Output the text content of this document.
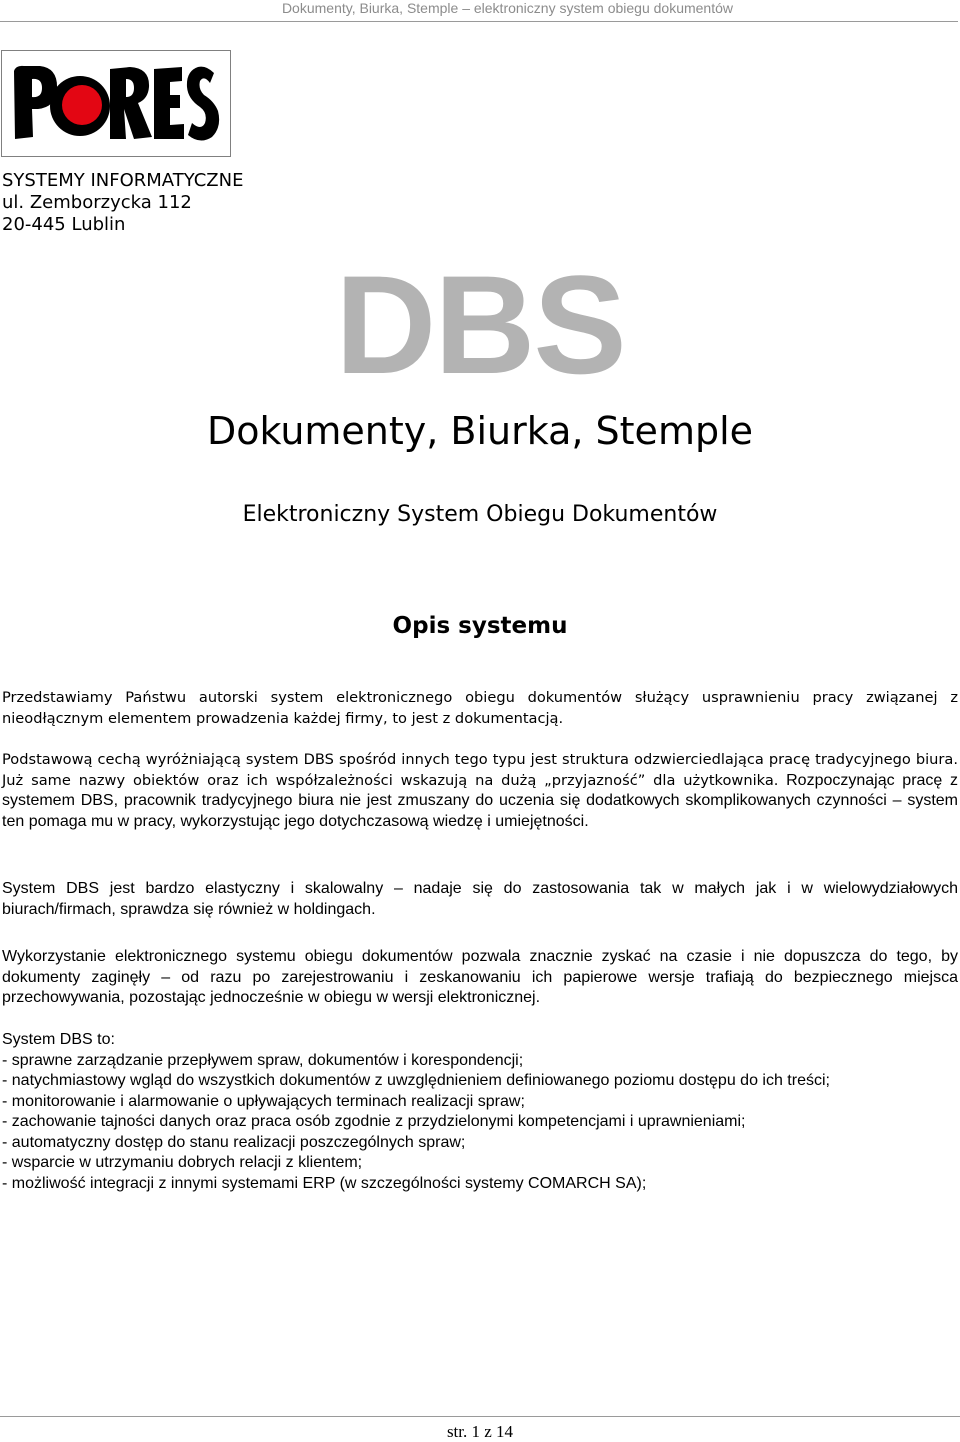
Dokumenty, Biurka, Stemple – elektroniczny system obiegu dokumentów
SYSTEMY INFORMATYCZNE
ul. Zemborzycka 112
20-445 Lublin
DBS
Dokumenty, Biurka, Stemple
Elektroniczny System Obiegu Dokumentów
Opis systemu

Przedstawiamy Państwu autorski system elektronicznego obiegu dokumentów służący usprawnieniu pracy związanej z nieodłącznym elementem prowadzenia każdej firmy, to jest z dokumentacją.

Podstawową cechą wyróżniającą system DBS spośród innych tego typu jest struktura odzwierciedlająca pracę tradycyjnego biura. Już same nazwy obiektów oraz ich współzależności wskazują na dużą „przyjazność” dla użytkownika. Rozpoczynając pracę z systemem DBS, pracownik tradycyjnego biura nie jest zmuszany do uczenia się dodatkowych skomplikowanych czynności – system ten pomaga mu w pracy, wykorzystując jego dotychczasową wiedzę i umiejętności.

System DBS jest bardzo elastyczny i skalowalny – nadaje się do zastosowania tak w małych jak i w wielowydziałowych biurach/firmach, sprawdza się również w holdingach.

Wykorzystanie elektronicznego systemu obiegu dokumentów pozwala znacznie zyskać na czasie i nie dopuszcza do tego, by dokumenty zaginęły – od razu po zarejestrowaniu i zeskanowaniu ich papierowe wersje trafiają do bezpiecznego miejsca przechowywania, pozostając jednocześnie w obiegu w wersji elektronicznej.

System DBS to:
- sprawne zarządzanie przepływem spraw, dokumentów i korespondencji;
- natychmiastowy wgląd do wszystkich dokumentów z uwzględnieniem definiowanego poziomu dostępu do ich treści;
- monitorowanie i alarmowanie o upływających terminach realizacji spraw;
- zachowanie tajności danych oraz praca osób zgodnie z przydzielonymi kompetencjami i uprawnieniami;
- automatyczny dostęp do stanu realizacji poszczególnych spraw;
- wsparcie w utrzymaniu dobrych relacji z klientem;
- możliwość integracji z innymi systemami ERP (w szczególności systemy COMARCH SA);
str. 1 z 14
